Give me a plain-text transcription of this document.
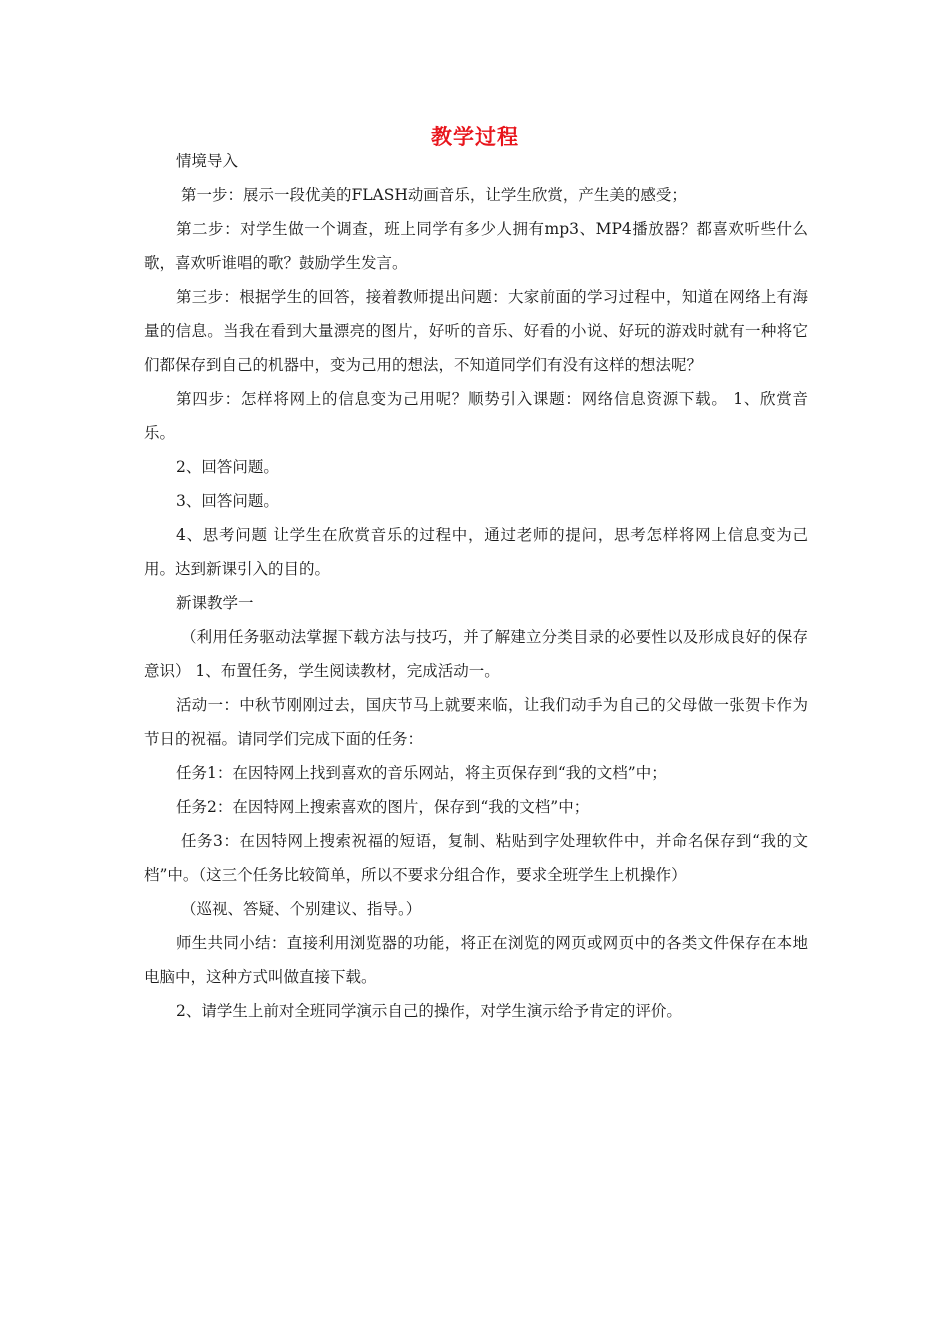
教学过程

情境导入

第一步：展示一段优美的FLASH动画音乐，让学生欣赏，产生美的感受；

第二步：对学生做一个调查，班上同学有多少人拥有mp3、MP4播放器？都喜欢听些什么歌，喜欢听谁唱的歌？鼓励学生发言。

第三步：根据学生的回答，接着教师提出问题：大家前面的学习过程中，知道在网络上有海量的信息。当我在看到大量漂亮的图片，好听的音乐、好看的小说、好玩的游戏时就有一种将它们都保存到自己的机器中，变为己用的想法，不知道同学们有没有这样的想法呢？

第四步：怎样将网上的信息变为己用呢？顺势引入课题：网络信息资源下载。 1、欣赏音乐。

2、回答问题。

3、回答问题。

4、思考问题 让学生在欣赏音乐的过程中，通过老师的提问，思考怎样将网上信息变为己用。达到新课引入的目的。

新课教学一

（利用任务驱动法掌握下载方法与技巧，并了解建立分类目录的必要性以及形成良好的保存意识） 1、布置任务，学生阅读教材，完成活动一。

活动一：中秋节刚刚过去，国庆节马上就要来临，让我们动手为自己的父母做一张贺卡作为节日的祝福。请同学们完成下面的任务：

任务1：在因特网上找到喜欢的音乐网站，将主页保存到“我的文档”中；

任务2：在因特网上搜索喜欢的图片，保存到“我的文档”中；

任务3：在因特网上搜索祝福的短语，复制、粘贴到字处理软件中，并命名保存到“我的文档”中。（这三个任务比较简单，所以不要求分组合作，要求全班学生上机操作）

（巡视、答疑、个别建议、指导。）

师生共同小结：直接利用浏览器的功能，将正在浏览的网页或网页中的各类文件保存在本地电脑中，这种方式叫做直接下载。

2、请学生上前对全班同学演示自己的操作，对学生演示给予肯定的评价。
